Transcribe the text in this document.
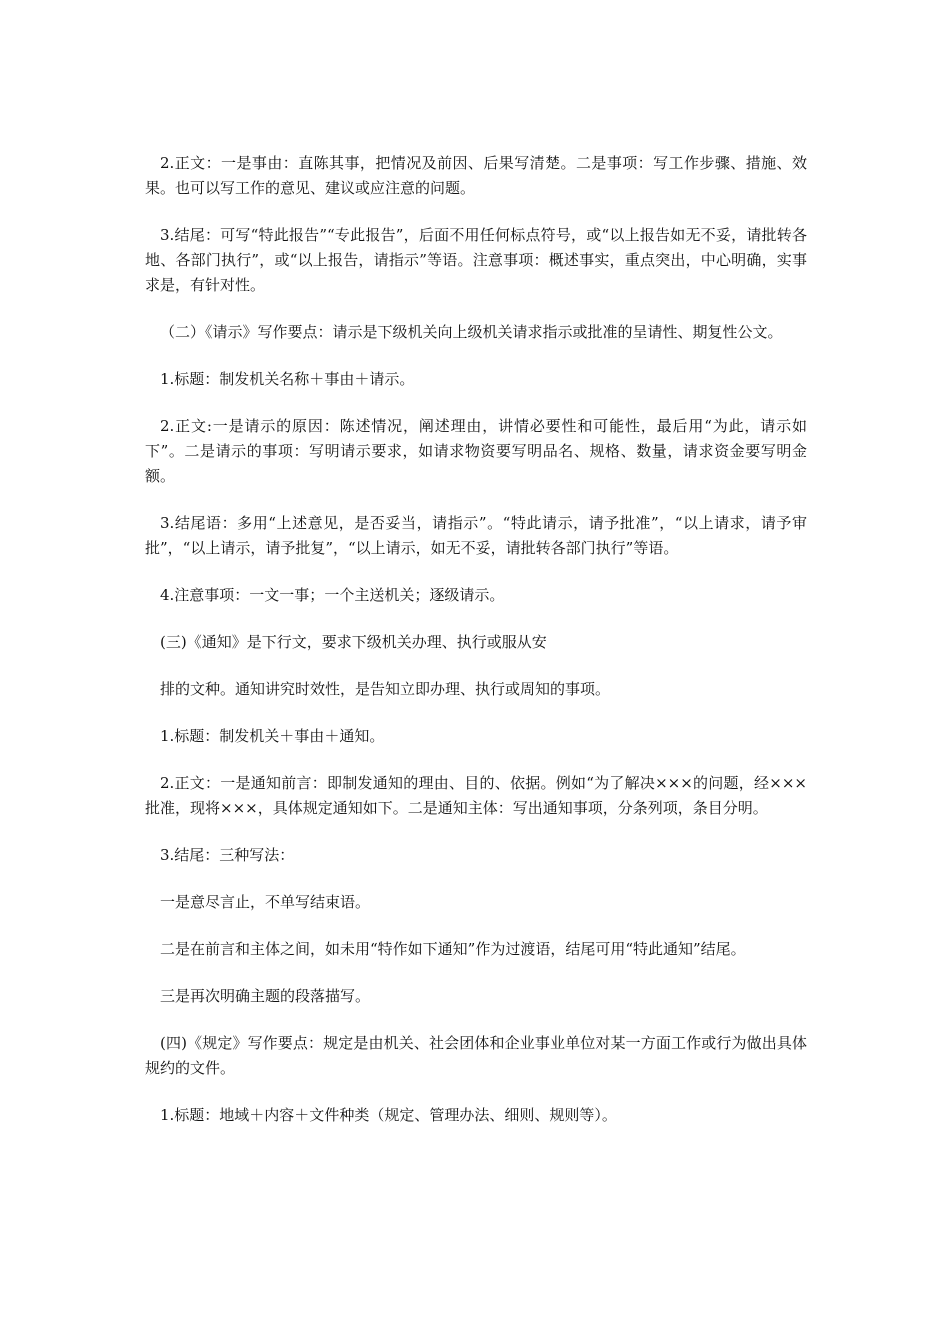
2.正文：一是事由：直陈其事，把情况及前因、后果写清楚。二是事项：写工作步骤、措施、效果。也可以写工作的意见、建议或应注意的问题。

3.结尾：可写“特此报告”“专此报告”，后面不用任何标点符号，或“以上报告如无不妥，请批转各地、各部门执行”，或“以上报告，请指示”等语。注意事项：概述事实，重点突出，中心明确，实事求是，有针对性。

（二）《请示》写作要点：请示是下级机关向上级机关请求指示或批准的呈请性、期复性公文。

1.标题：制发机关名称＋事由＋请示。

2.正文:一是请示的原因：陈述情况，阐述理由，讲情必要性和可能性，最后用“为此，请示如下”。二是请示的事项：写明请示要求，如请求物资要写明品名、规格、数量，请求资金要写明金额。

3.结尾语：多用“上述意见，是否妥当，请指示”。“特此请示，请予批准”，“以上请求，请予审批”，“以上请示，请予批复”，“以上请示，如无不妥，请批转各部门执行”等语。

4.注意事项：一文一事；一个主送机关；逐级请示。

(三)《通知》是下行文，要求下级机关办理、执行或服从安

排的文种。通知讲究时效性，是告知立即办理、执行或周知的事项。

1.标题：制发机关＋事由＋通知。

2.正文：一是通知前言：即制发通知的理由、目的、依据。例如“为了解决×××的问题，经×××批准，现将×××，具体规定通知如下。二是通知主体：写出通知事项，分条列项，条目分明。

3.结尾：三种写法：

一是意尽言止，不单写结束语。

二是在前言和主体之间，如未用“特作如下通知”作为过渡语，结尾可用“特此通知”结尾。

三是再次明确主题的段落描写。

(四)《规定》写作要点：规定是由机关、社会团体和企业事业单位对某一方面工作或行为做出具体规约的文件。

1.标题：地域＋内容＋文件种类（规定、管理办法、细则、规则等）。
